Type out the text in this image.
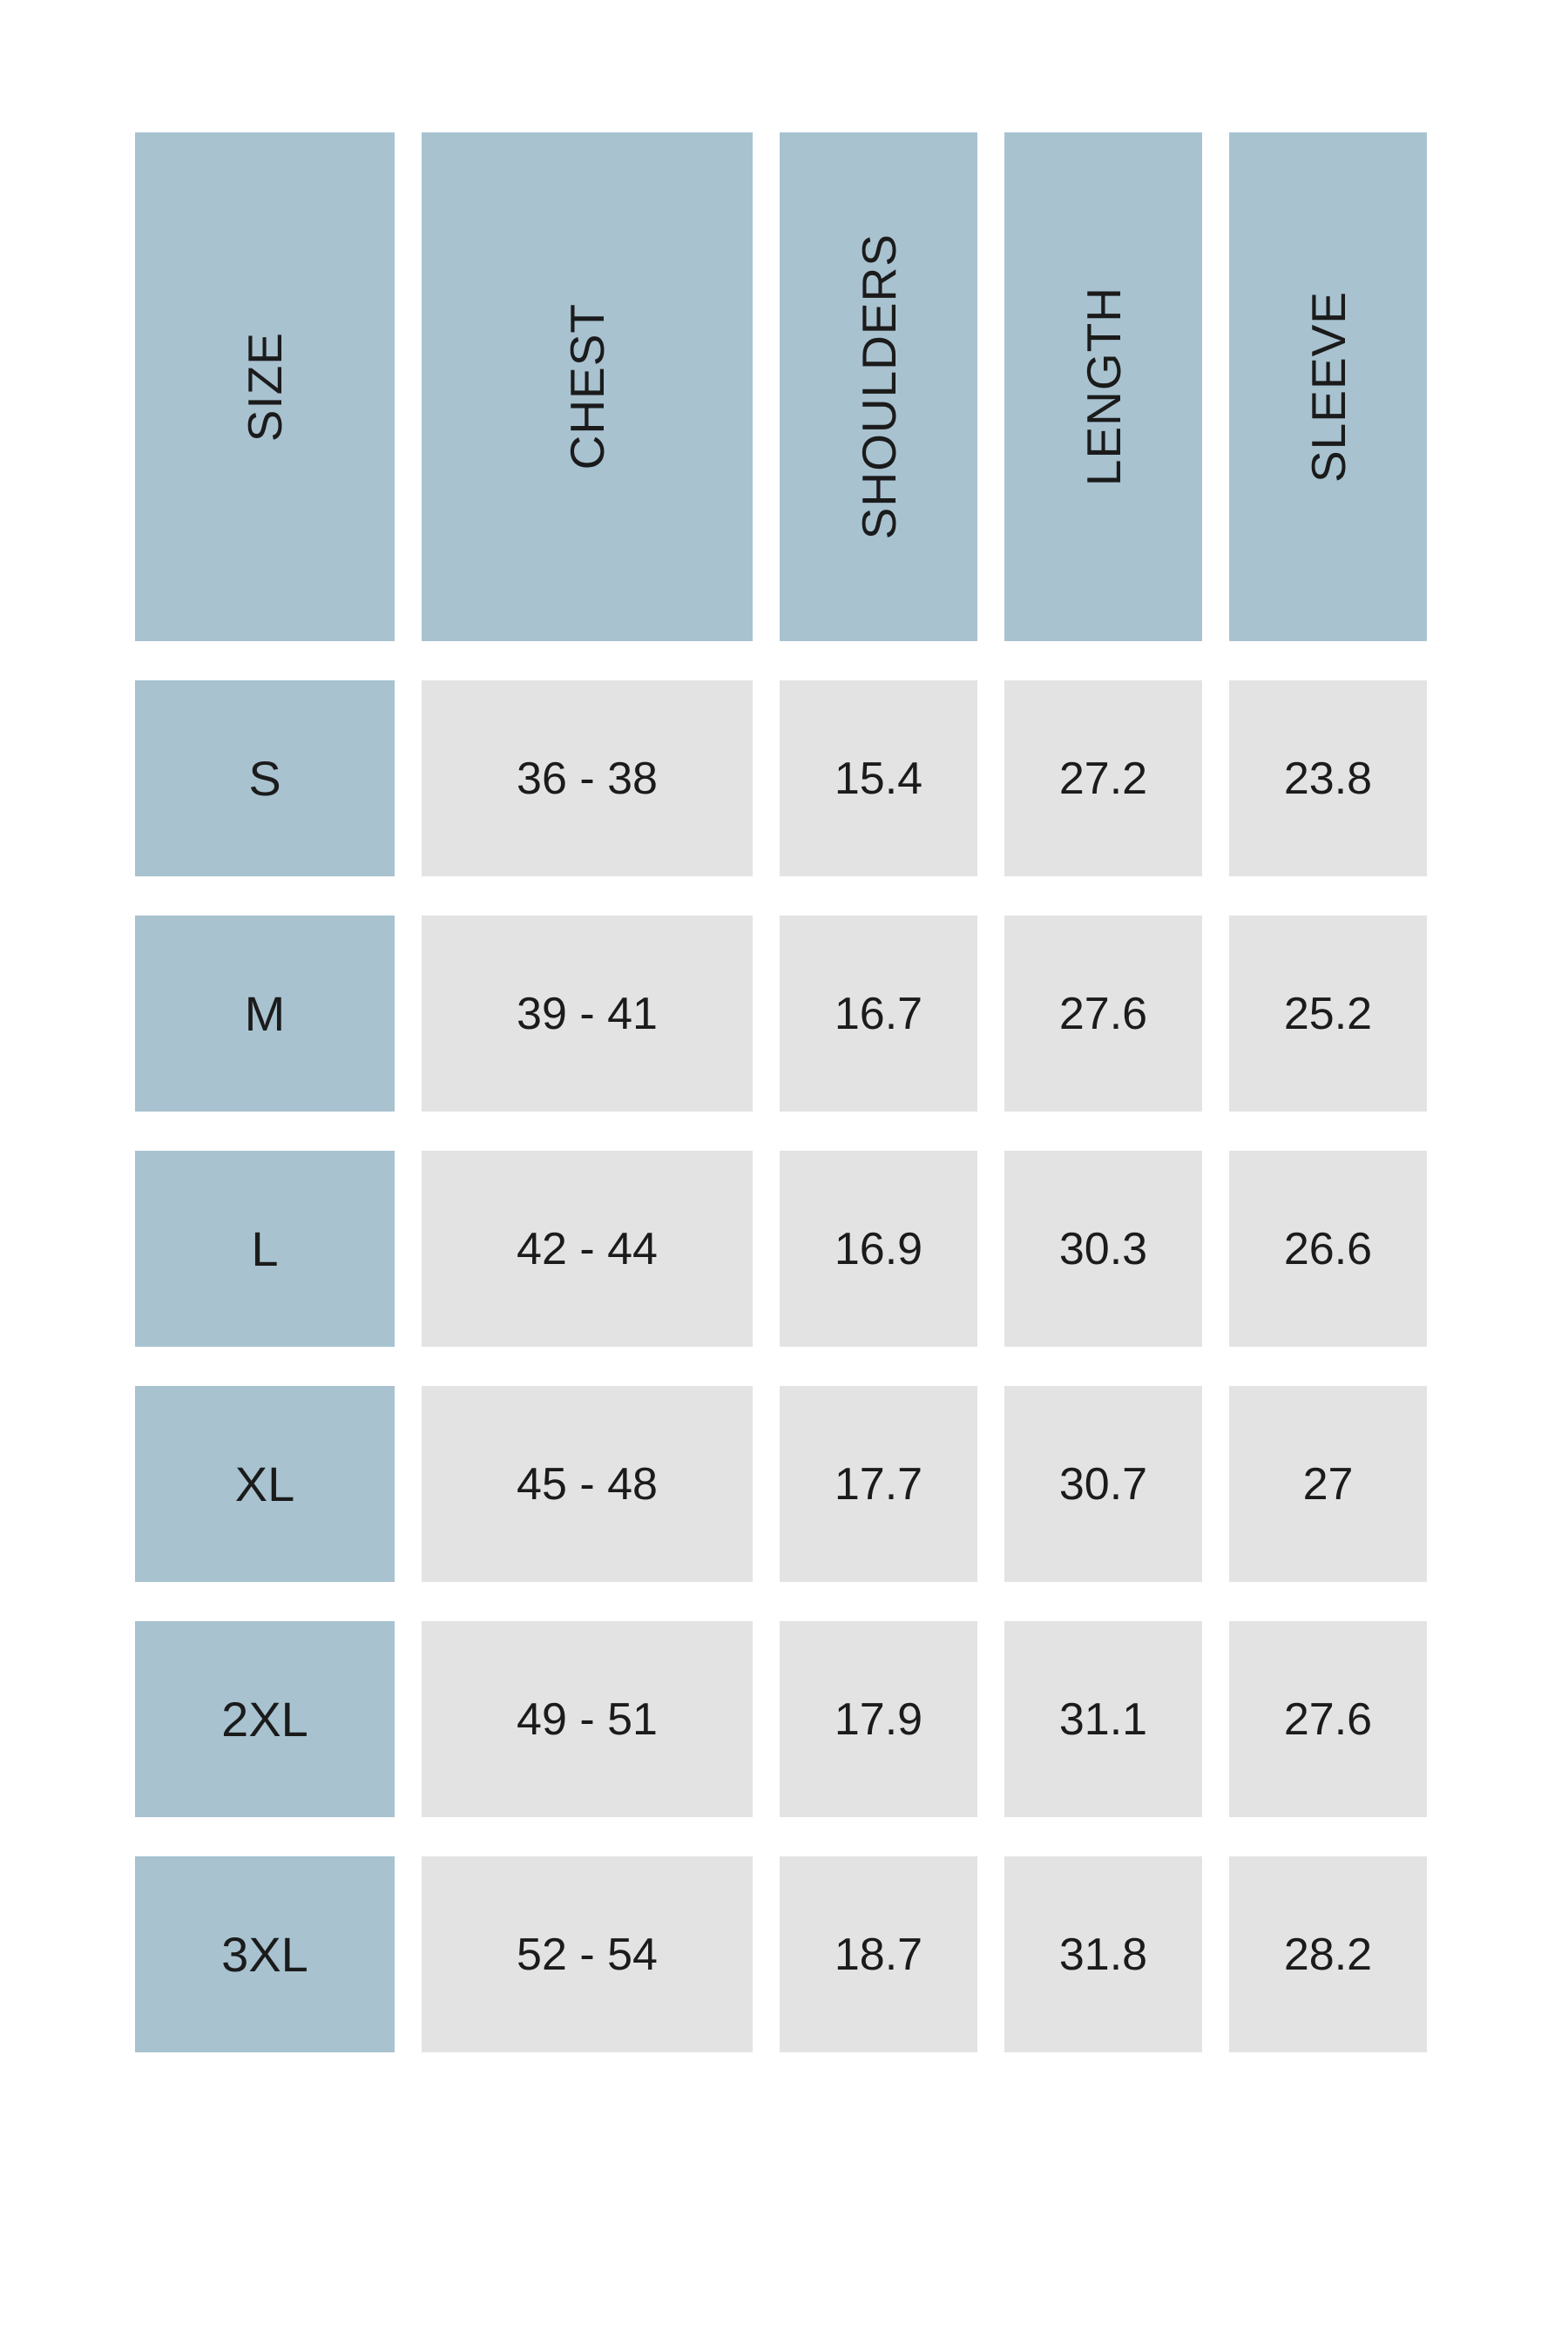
SIZE	CHEST	SHOULDERS	LENGTH	SLEEVE
S	36 - 38	15.4	27.2	23.8
M	39 - 41	16.7	27.6	25.2
L	42 - 44	16.9	30.3	26.6
XL	45 - 48	17.7	30.7	27
2XL	49 - 51	17.9	31.1	27.6
3XL	52 - 54	18.7	31.8	28.2
